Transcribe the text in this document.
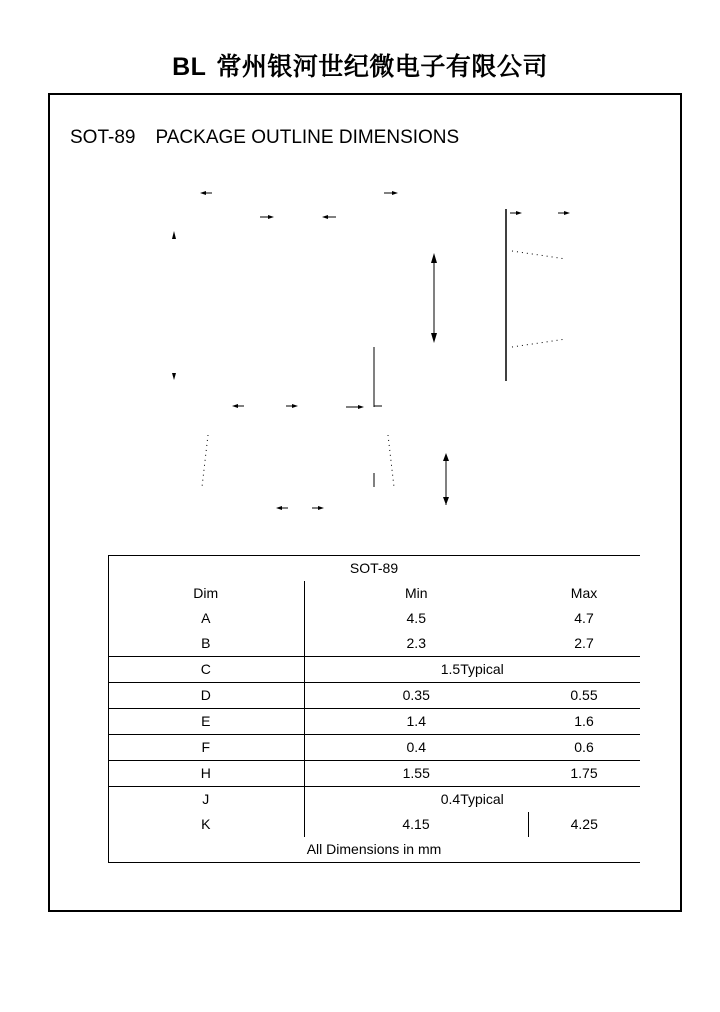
BL 常州银河世纪微电子有限公司
SOT-89 PACKAGE OUTLINE DIMENSIONS
SOT-89		
Dim	Min	Max
A	4.5	4.7
B	2.3	2.7
C	1.5Typical	
D	0.35	0.55
E	1.4	1.6
F	0.4	0.6
H	1.55	1.75
J	0.4Typical	
K	4.15	4.25
All Dimensions in mm		
